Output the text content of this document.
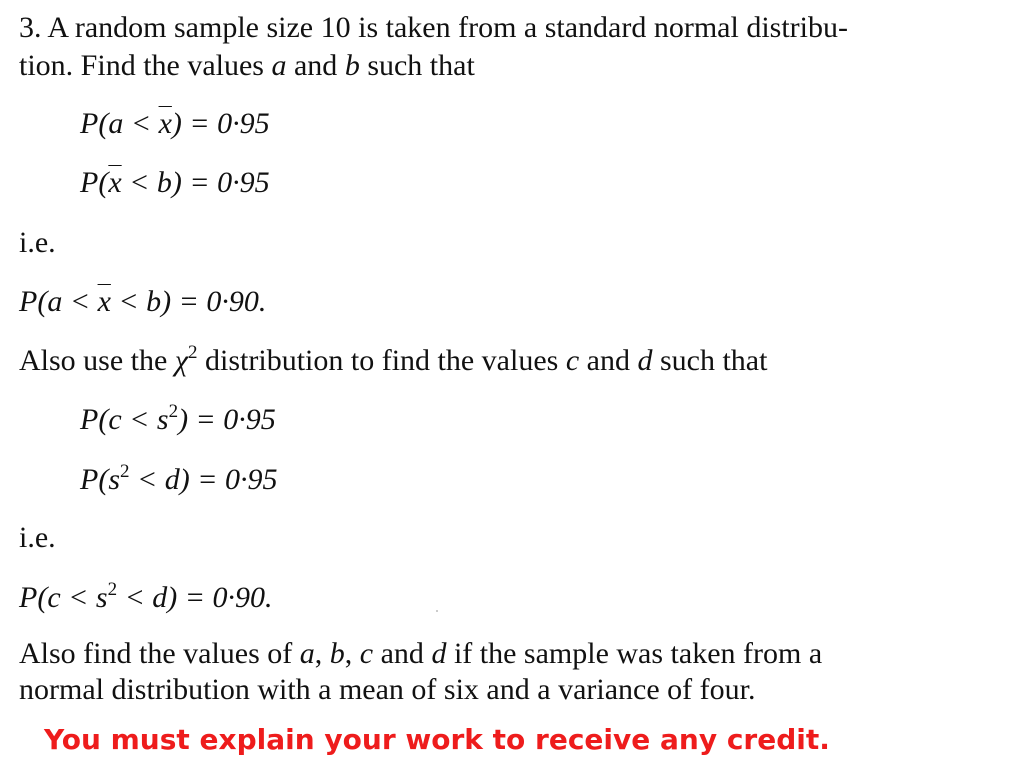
3. A random sample size 10 is taken from a standard normal distribu-
tion. Find the values a and b such that
$P(a < \overline{x}) = 0\cdot 95$
$P(\overline{x} < b) = 0\cdot 95$
i.e.
$P(a < \overline{x} < b) = 0\cdot 90$.
Also use the $\chi^2$ distribution to find the values c and d such that
$P(c < s^2) = 0\cdot 95$
$P(s^2 < d) = 0\cdot 95$
i.e.
$P(c < s^2 < d) = 0\cdot 90$.
Also find the values of a, b, c and d if the sample was taken from a
normal distribution with a mean of six and a variance of four.
You must explain your work to receive any credit.
